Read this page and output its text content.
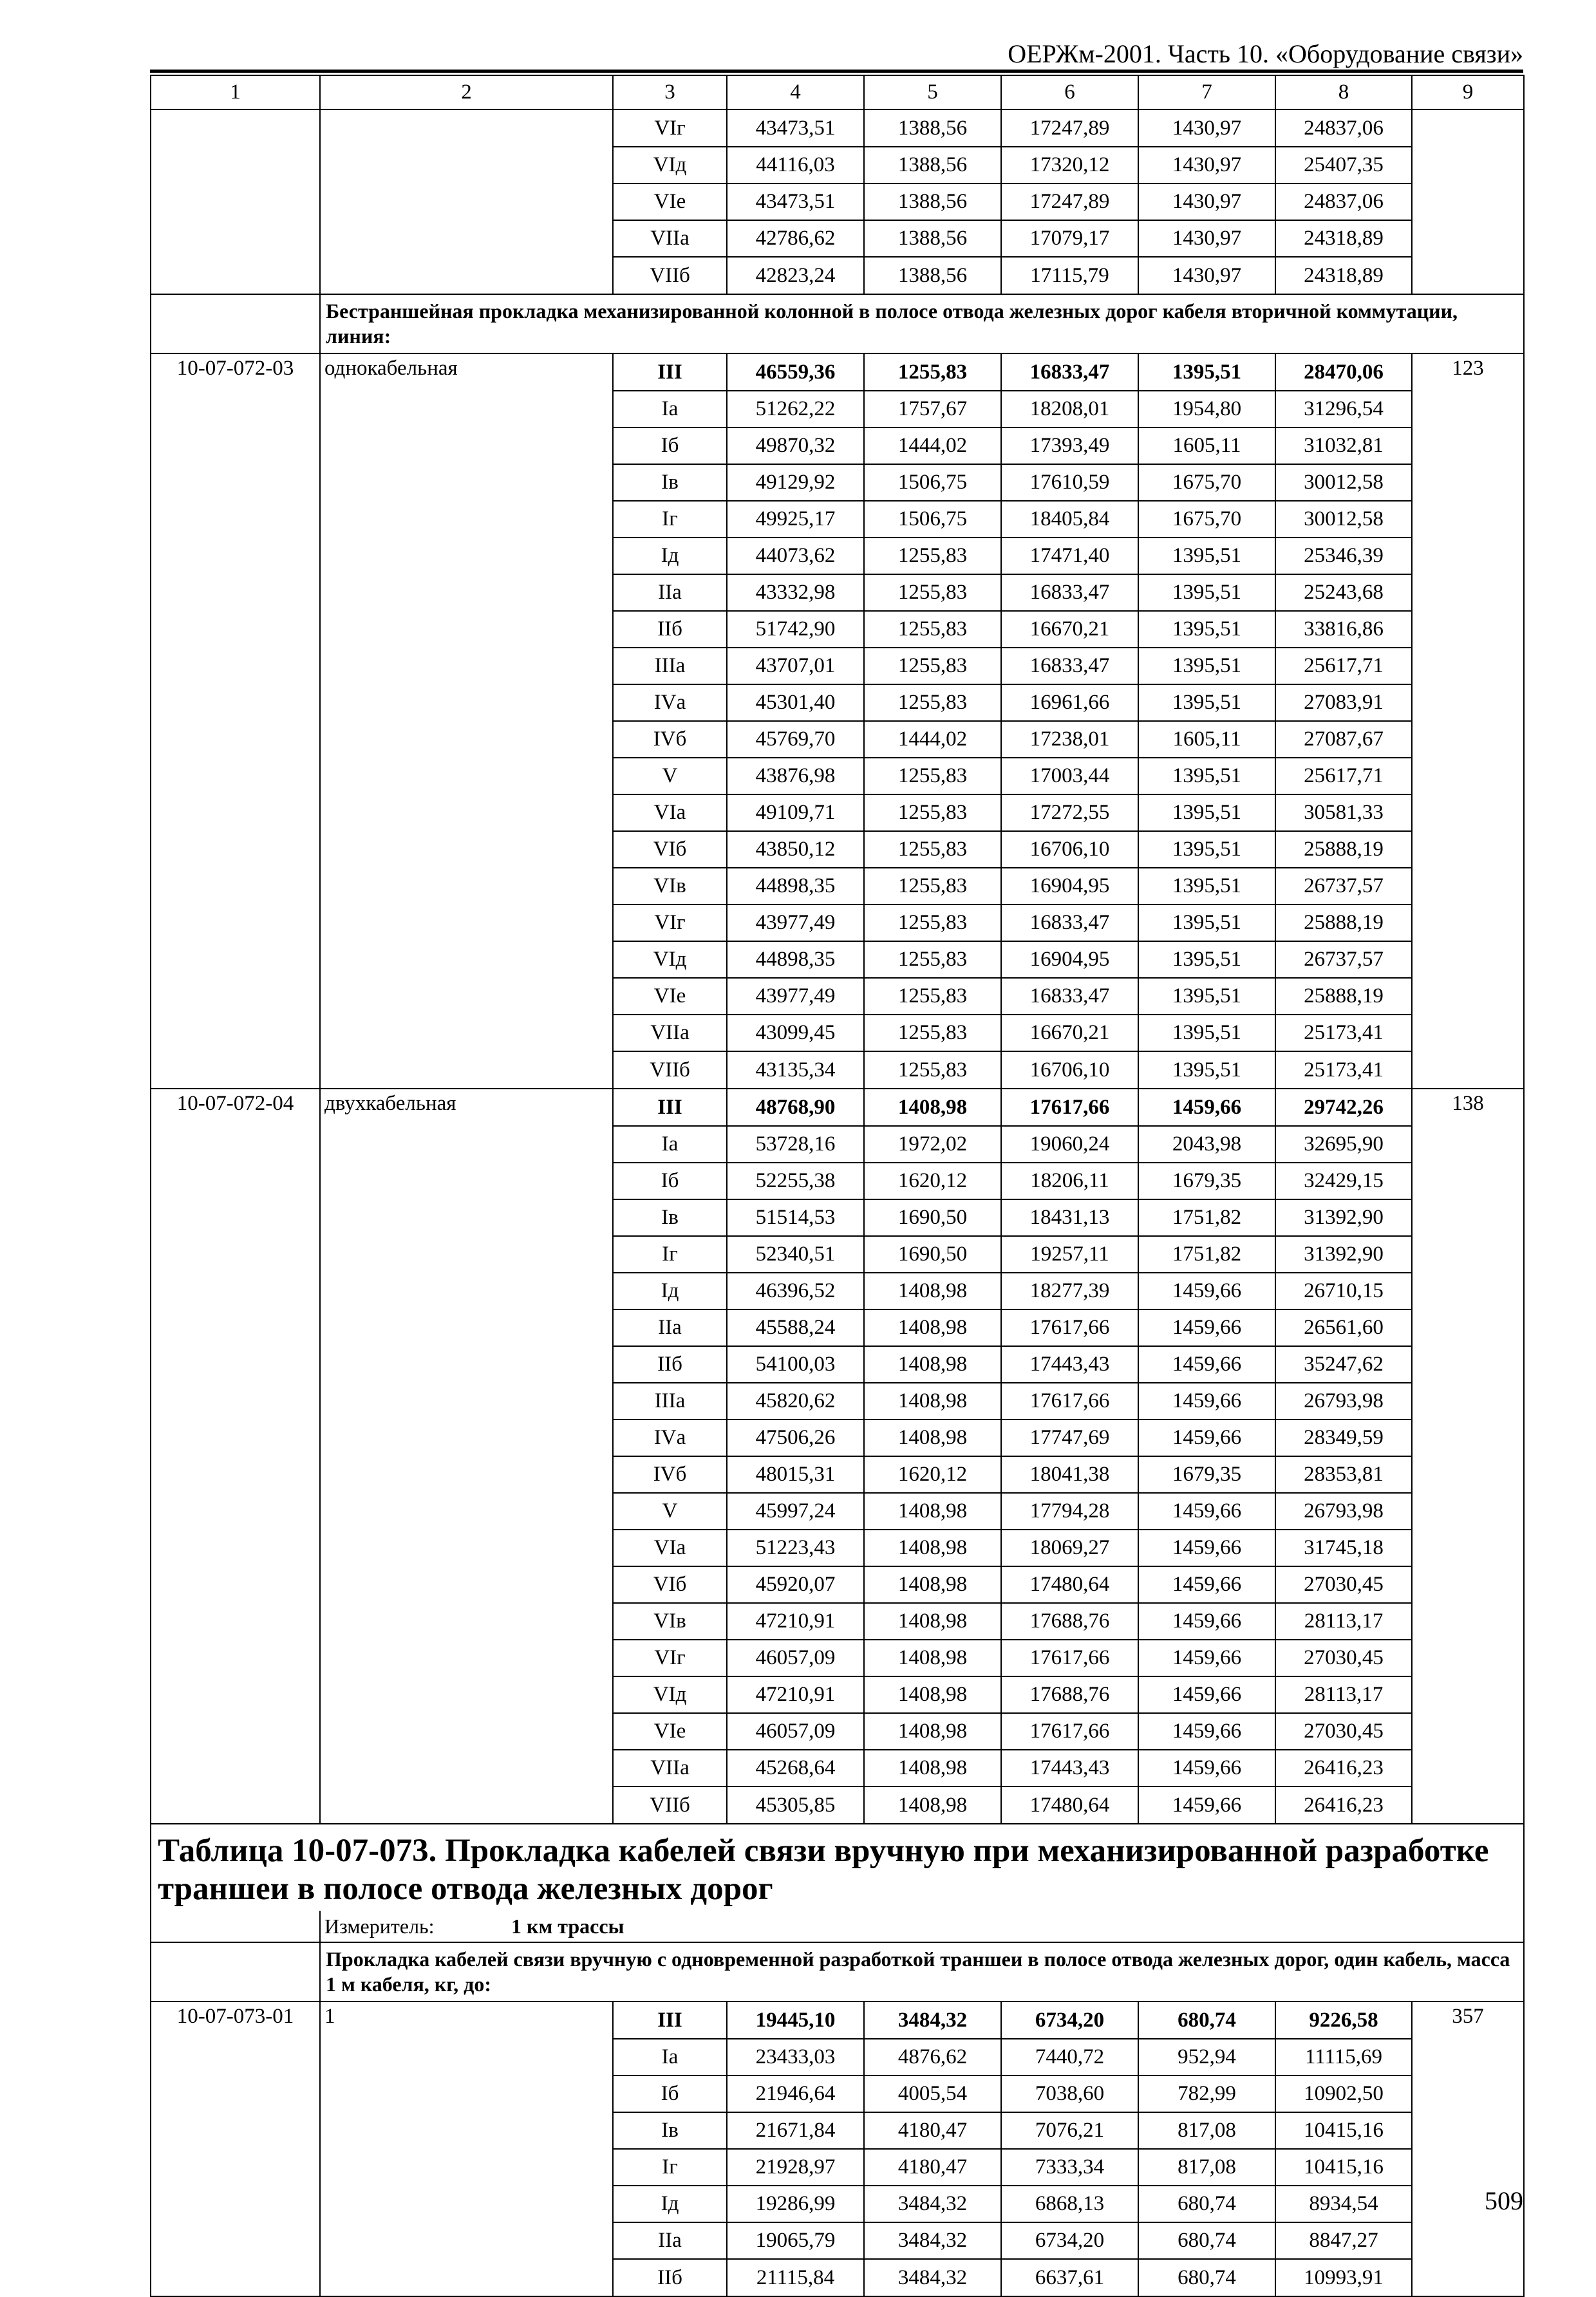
ОЕРЖм-2001. Часть 10. «Оборудование связи»
1	2	3	4	5	6	7	8	9
		VIг	43473,51	1388,56	17247,89	1430,97	24837,06	
		VIд	44116,03	1388,56	17320,12	1430,97	25407,35	
		VIе	43473,51	1388,56	17247,89	1430,97	24837,06	
		VIIа	42786,62	1388,56	17079,17	1430,97	24318,89	
		VIIб	42823,24	1388,56	17115,79	1430,97	24318,89	
	Бестраншейная прокладка механизированной колонной в полосе отвода железных дорог кабеля вторичной коммутации, линия:							
10-07-072-03	однокабельная	III	46559,36	1255,83	16833,47	1395,51	28470,06	123
		Iа	51262,22	1757,67	18208,01	1954,80	31296,54	
		Iб	49870,32	1444,02	17393,49	1605,11	31032,81	
		Iв	49129,92	1506,75	17610,59	1675,70	30012,58	
		Iг	49925,17	1506,75	18405,84	1675,70	30012,58	
		Iд	44073,62	1255,83	17471,40	1395,51	25346,39	
		IIа	43332,98	1255,83	16833,47	1395,51	25243,68	
		IIб	51742,90	1255,83	16670,21	1395,51	33816,86	
		IIIа	43707,01	1255,83	16833,47	1395,51	25617,71	
		IVа	45301,40	1255,83	16961,66	1395,51	27083,91	
		IVб	45769,70	1444,02	17238,01	1605,11	27087,67	
		V	43876,98	1255,83	17003,44	1395,51	25617,71	
		VIа	49109,71	1255,83	17272,55	1395,51	30581,33	
		VIб	43850,12	1255,83	16706,10	1395,51	25888,19	
		VIв	44898,35	1255,83	16904,95	1395,51	26737,57	
		VIг	43977,49	1255,83	16833,47	1395,51	25888,19	
		VIд	44898,35	1255,83	16904,95	1395,51	26737,57	
		VIе	43977,49	1255,83	16833,47	1395,51	25888,19	
		VIIа	43099,45	1255,83	16670,21	1395,51	25173,41	
		VIIб	43135,34	1255,83	16706,10	1395,51	25173,41	
10-07-072-04	двухкабельная	III	48768,90	1408,98	17617,66	1459,66	29742,26	138
		Iа	53728,16	1972,02	19060,24	2043,98	32695,90	
		Iб	52255,38	1620,12	18206,11	1679,35	32429,15	
		Iв	51514,53	1690,50	18431,13	1751,82	31392,90	
		Iг	52340,51	1690,50	19257,11	1751,82	31392,90	
		Iд	46396,52	1408,98	18277,39	1459,66	26710,15	
		IIа	45588,24	1408,98	17617,66	1459,66	26561,60	
		IIб	54100,03	1408,98	17443,43	1459,66	35247,62	
		IIIа	45820,62	1408,98	17617,66	1459,66	26793,98	
		IVа	47506,26	1408,98	17747,69	1459,66	28349,59	
		IVб	48015,31	1620,12	18041,38	1679,35	28353,81	
		V	45997,24	1408,98	17794,28	1459,66	26793,98	
		VIа	51223,43	1408,98	18069,27	1459,66	31745,18	
		VIб	45920,07	1408,98	17480,64	1459,66	27030,45	
		VIв	47210,91	1408,98	17688,76	1459,66	28113,17	
		VIг	46057,09	1408,98	17617,66	1459,66	27030,45	
		VIд	47210,91	1408,98	17688,76	1459,66	28113,17	
		VIе	46057,09	1408,98	17617,66	1459,66	27030,45	
		VIIа	45268,64	1408,98	17443,43	1459,66	26416,23	
		VIIб	45305,85	1408,98	17480,64	1459,66	26416,23	
Таблица 10-07-073. Прокладка кабелей связи вручную при механизированной разработке траншеи в полосе отвода железных дорог								
	Измеритель: 1 км трассы							
	Прокладка кабелей связи вручную с одновременной разработкой траншеи в полосе отвода железных дорог, один кабель, масса 1 м кабеля, кг, до:							
10-07-073-01	1	III	19445,10	3484,32	6734,20	680,74	9226,58	357
		Iа	23433,03	4876,62	7440,72	952,94	11115,69	
		Iб	21946,64	4005,54	7038,60	782,99	10902,50	
		Iв	21671,84	4180,47	7076,21	817,08	10415,16	
		Iг	21928,97	4180,47	7333,34	817,08	10415,16	
		Iд	19286,99	3484,32	6868,13	680,74	8934,54	
		IIа	19065,79	3484,32	6734,20	680,74	8847,27	
		IIб	21115,84	3484,32	6637,61	680,74	10993,91	
509
